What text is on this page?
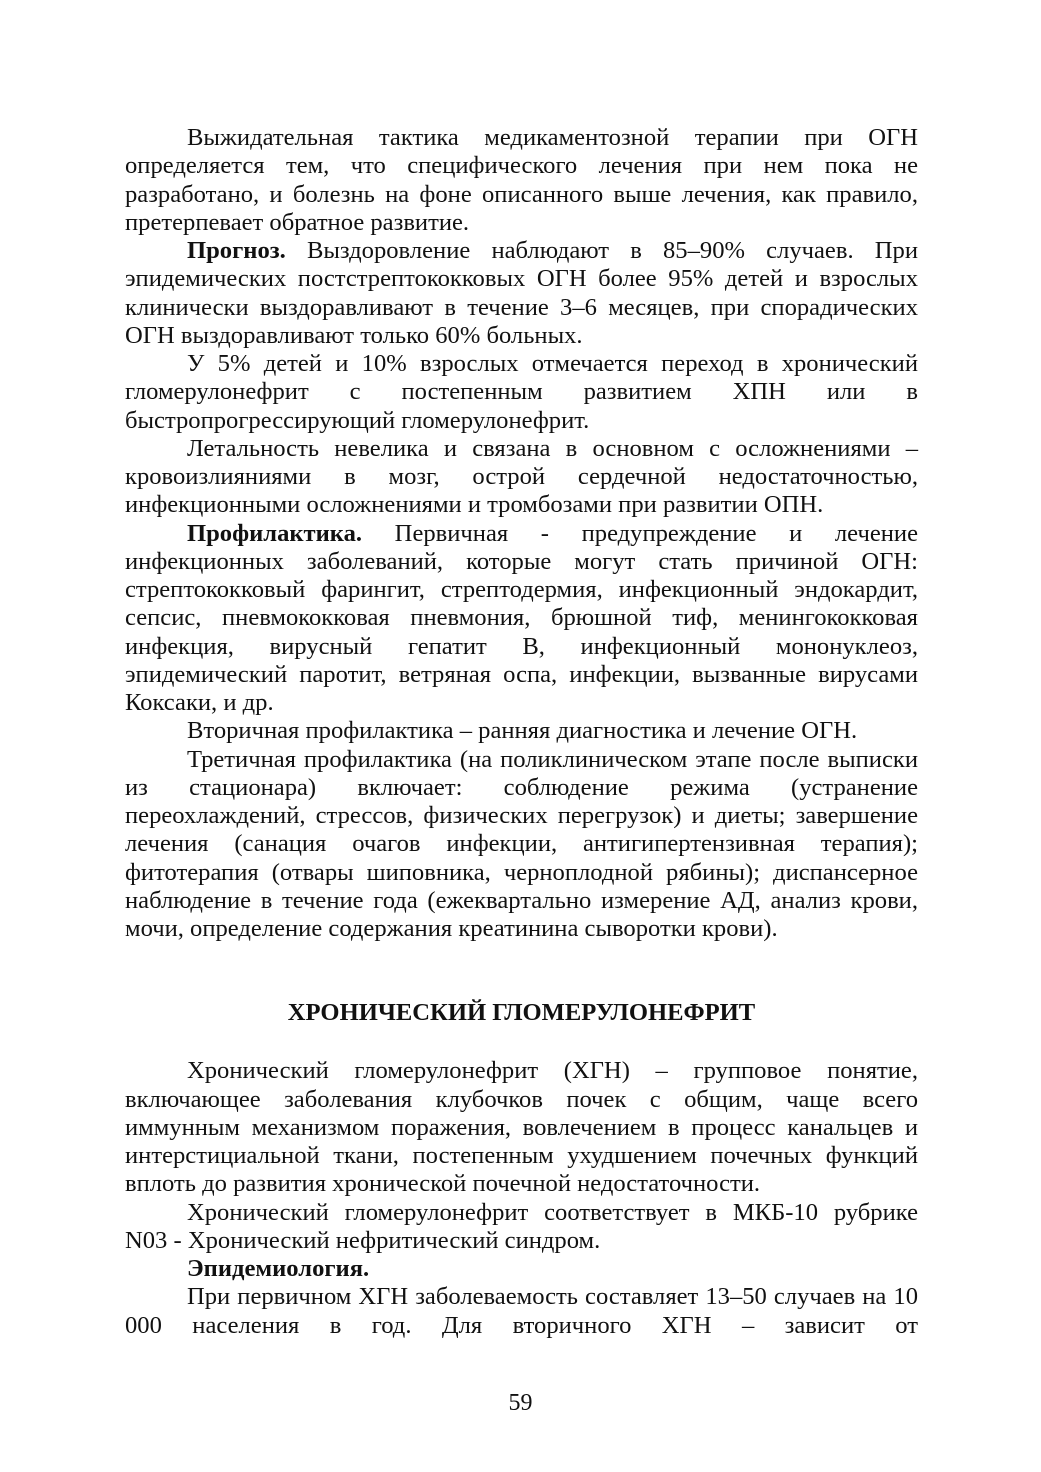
Выжидательная тактика медикаментозной терапии при ОГН определяется тем, что специфического лечения при нем пока не разработано, и болезнь на фоне описанного выше лечения, как правило, претерпевает обратное развитие.

Прогноз. Выздоровление наблюдают в 85–90% случаев. При эпидемических постстрептококковых ОГН более 95% детей и взрослых клинически выздоравливают в течение 3–6 месяцев, при спорадических ОГН выздоравливают только 60% больных.

У 5% детей и 10% взрослых отмечается переход в хронический гломерулонефрит с постепенным развитием ХПН или в быстропрогрессирующий гломерулонефрит.

Летальность невелика и связана в основном с осложнениями – кровоизлияниями в мозг, острой сердечной недостаточностью, инфекционными осложнениями и тромбозами при развитии ОПН.

Профилактика. Первичная - предупреждение и лечение инфекционных заболеваний, которые могут стать причиной ОГН: стрептококковый фарингит, стрептодермия, инфекционный эндокардит, сепсис, пневмококковая пневмония, брюшной тиф, менингококковая инфекция, вирусный гепатит В, инфекционный мононуклеоз, эпидемический паротит, ветряная оспа, инфекции, вызванные вирусами Коксаки, и др.

Вторичная профилактика – ранняя диагностика и лечение ОГН.

Третичная профилактика (на поликлиническом этапе после выписки из стационара) включает: соблюдение режима (устранение переохлаждений, стрессов, физических перегрузок) и диеты; завершение лечения (санация очагов инфекции, антигипертензивная терапия); фитотерапия (отвары шиповника, черноплодной рябины); диспансерное наблюдение в течение года (ежеквартально измерение АД, анализ крови, мочи, определение содержания креатинина сыворотки крови).

ХРОНИЧЕСКИЙ ГЛОМЕРУЛОНЕФРИТ

Хронический гломерулонефрит (ХГН) – групповое понятие, включающее заболевания клубочков почек с общим, чаще всего иммунным механизмом поражения, вовлечением в процесс канальцев и интерстициальной ткани, постепенным ухудшением почечных функций вплоть до развития хронической почечной недостаточности.

Хронический гломерулонефрит соответствует в МКБ-10 рубрике N03 - Хронический нефритический синдром.

Эпидемиология.

При первичном ХГН заболеваемость составляет 13–50 случаев на 10 000 населения в год. Для вторичного ХГН – зависит от

59
